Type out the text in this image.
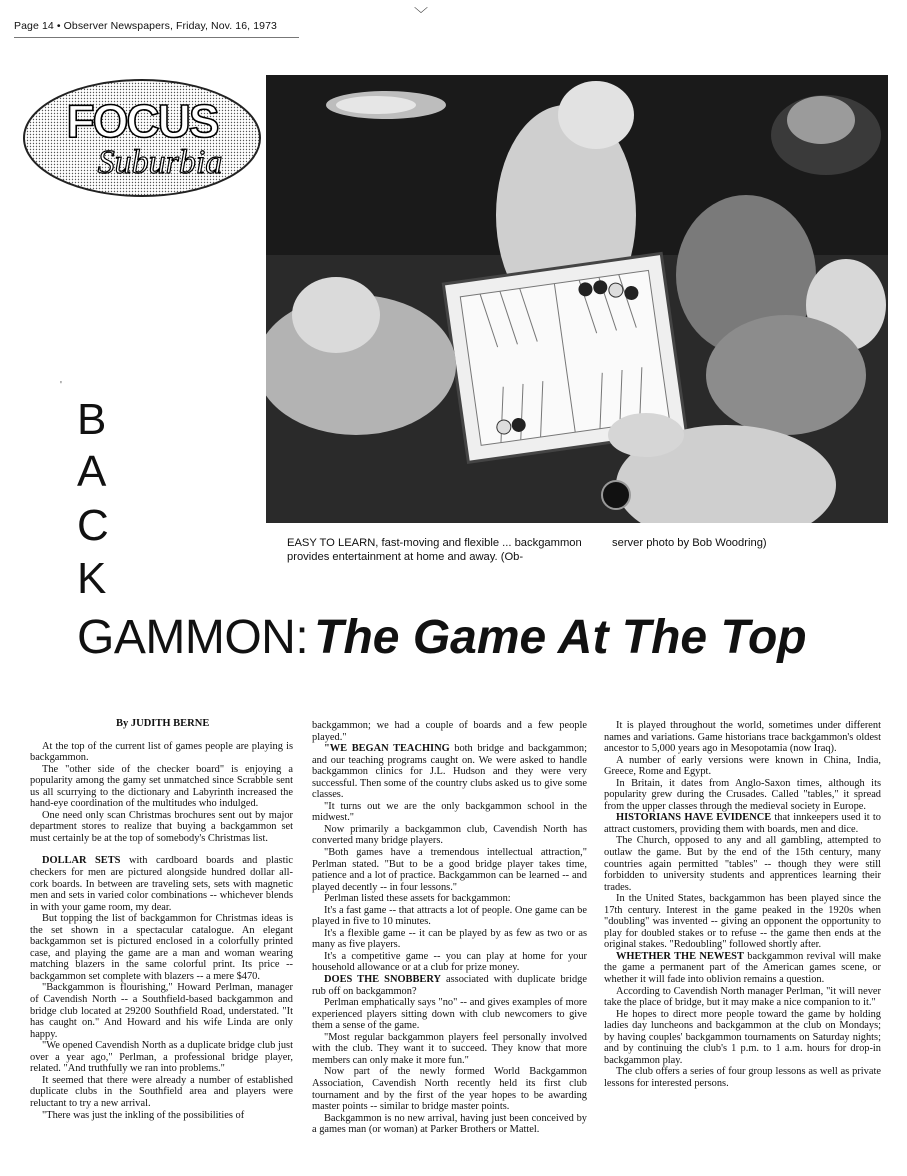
﹀
Page 14 • Observer Newspapers, Friday, Nov. 16, 1973
FOCUS
Suburbia
EASY TO LEARN, fast-moving and flexible ... backgammon provides entertainment at home and away. (Ob-
server photo by Bob Woodring)
B
A
C
K
GAMMON: The Game At The Top
'

By JUDITH BERNE

At the top of the current list of games people are playing is backgammon.

The "other side of the checker board" is enjoying a popularity among the gamy set unmatched since Scrabble sent us all scurrying to the dictionary and Labyrinth increased the hand-eye coordination of the multitudes who indulged.

One need only scan Christmas brochures sent out by major department stores to realize that buying a backgammon set must certainly be at the top of somebody's Christmas list.

DOLLAR SETS with cardboard boards and plastic checkers for men are pictured alongside hundred dollar all-cork boards. In between are traveling sets, sets with magnetic men and sets in varied color combinations -- whichever blends in with your game room, my dear.

But topping the list of backgammon for Christmas ideas is the set shown in a spectacular catalogue. An elegant backgammon set is pictured enclosed in a colorfully printed case, and playing the game are a man and woman wearing matching blazers in the same colorful print. Its price -- backgammon set complete with blazers -- a mere $470.

"Backgammon is flourishing," Howard Perlman, manager of Cavendish North -- a Southfield-based backgammon and bridge club located at 29200 Southfield Road, understated. "It has caught on." And Howard and his wife Linda are only happy.

"We opened Cavendish North as a duplicate bridge club just over a year ago," Perlman, a professional bridge player, related. "And truthfully we ran into problems."

It seemed that there were already a number of established duplicate clubs in the Southfield area and players were reluctant to try a new arrival.

"There was just the inkling of the possibilities of

backgammon; we had a couple of boards and a few people played."

"WE BEGAN TEACHING both bridge and backgammon; and our teaching programs caught on. We were asked to handle backgammon clinics for J.L. Hudson and they were very successful. Then some of the country clubs asked us to give some classes.

"It turns out we are the only backgammon school in the midwest."

Now primarily a backgammon club, Cavendish North has converted many bridge players.

"Both games have a tremendous intellectual attraction," Perlman stated. "But to be a good bridge player takes time, patience and a lot of practice. Backgammon can be learned -- and played decently -- in four lessons."

Perlman listed these assets for backgammon:

It's a fast game -- that attracts a lot of people. One game can be played in five to 10 minutes.

It's a flexible game -- it can be played by as few as two or as many as five players.

It's a competitive game -- you can play at home for your household allowance or at a club for prize money.

DOES THE SNOBBERY associated with duplicate bridge rub off on backgammon?

Perlman emphatically says "no" -- and gives examples of more experienced players sitting down with club newcomers to give them a sense of the game.

"Most regular backgammon players feel personally involved with the club. They want it to succeed. They know that more members can only make it more fun."

Now part of the newly formed World Backgammon Association, Cavendish North recently held its first club tournament and by the first of the year hopes to be awarding master points -- similar to bridge master points.

Backgammon is no new arrival, having just been conceived by a games man (or woman) at Parker Brothers or Mattel.

It is played throughout the world, sometimes under different names and variations. Game historians trace backgammon's oldest ancestor to 5,000 years ago in Mesopotamia (now Iraq).

A number of early versions were known in China, India, Greece, Rome and Egypt.

In Britain, it dates from Anglo-Saxon times, although its popularity grew during the Crusades. Called "tables," it spread from the upper classes through the medieval society in Europe.

HISTORIANS HAVE EVIDENCE that innkeepers used it to attract customers, providing them with boards, men and dice.

The Church, opposed to any and all gambling, attempted to outlaw the game. But by the end of the 15th century, many countries again permitted "tables" -- though they were still forbidden to university students and apprentices learning their trades.

In the United States, backgammon has been played since the 17th century. Interest in the game peaked in the 1920s when "doubling" was invented -- giving an opponent the opportunity to play for doubled stakes or to refuse -- the game then ends at the original stakes. "Redoubling" followed shortly after.

WHETHER THE NEWEST backgammon revival will make the game a permanent part of the American games scene, or whether it will fade into oblivion remains a question.

According to Cavendish North manager Perlman, "it will never take the place of bridge, but it may make a nice companion to it."

He hopes to direct more people toward the game by holding ladies day luncheons and backgammon at the club on Mondays; by having couples' backgammon tournaments on Saturday nights; and by continuing the club's 1 p.m. to 1 a.m. hours for drop-in backgammon play.

The club offers a series of four group lessons as well as private lessons for interested persons.
